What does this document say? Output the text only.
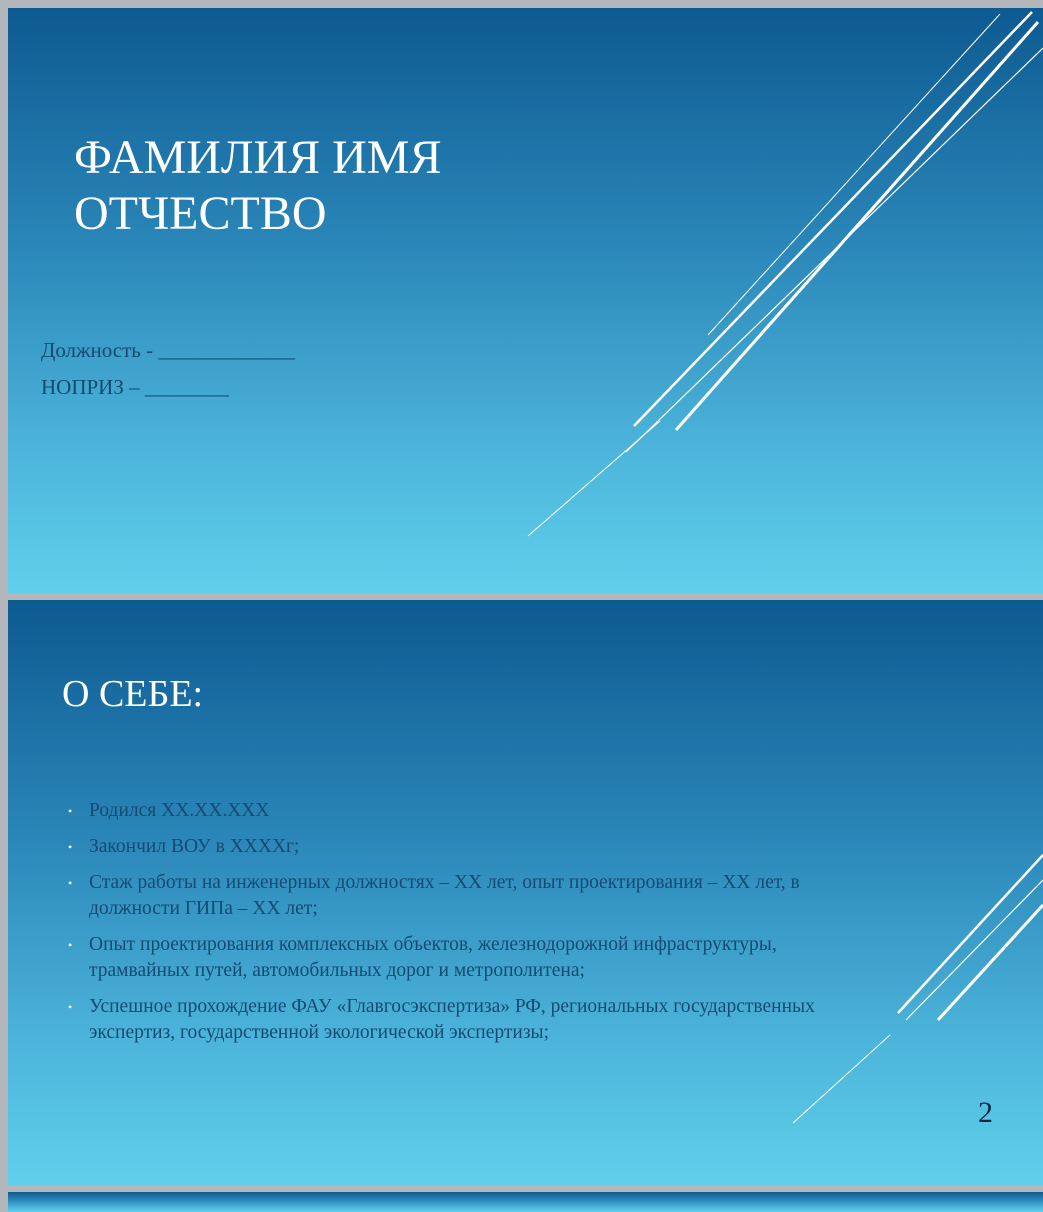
ФАМИЛИЯ ИМЯ
ОТЧЕСТВО
Должность - _____________
НОПРИЗ – ________
О СЕБЕ:
• Родился XX.XX.XXX
• Закончил ВОУ в XXXXг;
• Стаж работы на инженерных должностях – XX лет, опыт проектирования – XX лет, в должности ГИПа – XX лет;
• Опыт проектирования комплексных объектов, железнодорожной инфраструктуры, трамвайных путей, автомобильных дорог и метрополитена;
• Успешное прохождение ФАУ «Главгосэкспертиза» РФ, региональных государственных экспертиз, государственной экологической экспертизы;
2
